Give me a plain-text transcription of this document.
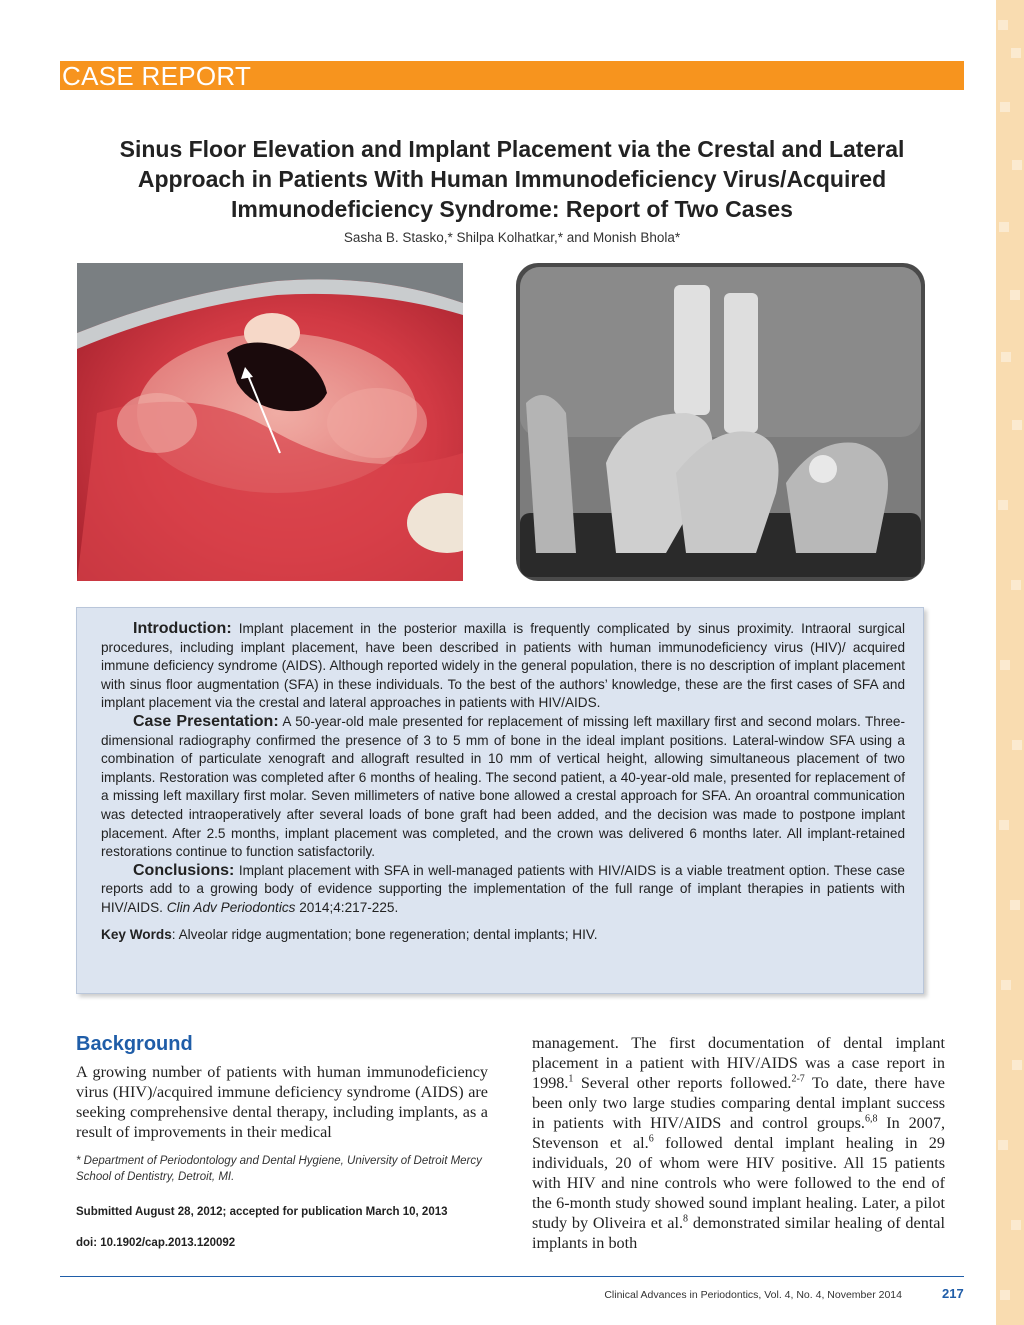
CASE REPORT
Sinus Floor Elevation and Implant Placement via the Crestal and Lateral
Approach in Patients With Human Immunodeficiency Virus/Acquired
Immunodeficiency Syndrome: Report of Two Cases
Sasha B. Stasko,* Shilpa Kolhatkar,* and Monish Bhola*

Introduction: Implant placement in the posterior maxilla is frequently complicated by sinus proximity. Intraoral surgical procedures, including implant placement, have been described in patients with human immunodeficiency virus (HIV)/ acquired immune deficiency syndrome (AIDS). Although reported widely in the general population, there is no description of implant placement with sinus floor augmentation (SFA) in these individuals. To the best of the authors’ knowledge, these are the first cases of SFA and implant placement via the crestal and lateral approaches in patients with HIV/AIDS.

Case Presentation: A 50-year-old male presented for replacement of missing left maxillary first and second molars. Three-dimensional radiography confirmed the presence of 3 to 5 mm of bone in the ideal implant positions. Lateral-window SFA using a combination of particulate xenograft and allograft resulted in 10 mm of vertical height, allowing simultaneous placement of two implants. Restoration was completed after 6 months of healing. The second patient, a 40-year-old male, presented for replacement of a missing left maxillary first molar. Seven millimeters of native bone allowed a crestal approach for SFA. An oroantral communication was detected intraoperatively after several loads of bone graft had been added, and the decision was made to postpone implant placement. After 2.5 months, implant placement was completed, and the crown was delivered 6 months later. All implant-retained restorations continue to function satisfactorily.

Conclusions: Implant placement with SFA in well-managed patients with HIV/AIDS is a viable treatment option. These case reports add to a growing body of evidence supporting the implementation of the full range of implant therapies in patients with HIV/AIDS. Clin Adv Periodontics 2014;4:217-225.

Key Words: Alveolar ridge augmentation; bone regeneration; dental implants; HIV.

Background
A growing number of patients with human immunodeficiency virus (HIV)/acquired immune deficiency syndrome (AIDS) are seeking comprehensive dental therapy, including implants, as a result of improvements in their medical
management. The first documentation of dental implant placement in a patient with HIV/AIDS was a case report in 1998.$^1$ Several other reports followed.$^{2-7}$ To date, there have been only two large studies comparing dental implant success in patients with HIV/AIDS and control groups.$^{6,8}$ In 2007, Stevenson et al.$^6$ followed dental implant healing in 29 individuals, 20 of whom were HIV positive. All 15 patients with HIV and nine controls who were followed to the end of the 6-month study showed sound implant healing. Later, a pilot study by Oliveira et al.$^8$ demonstrated similar healing of dental implants in both
* Department of Periodontology and Dental Hygiene, University of Detroit Mercy School of Dentistry, Detroit, MI.
Submitted August 28, 2012; accepted for publication March 10, 2013
doi: 10.1902/cap.2013.120092
Clinical Advances in Periodontics, Vol. 4, No. 4, November 2014	217
